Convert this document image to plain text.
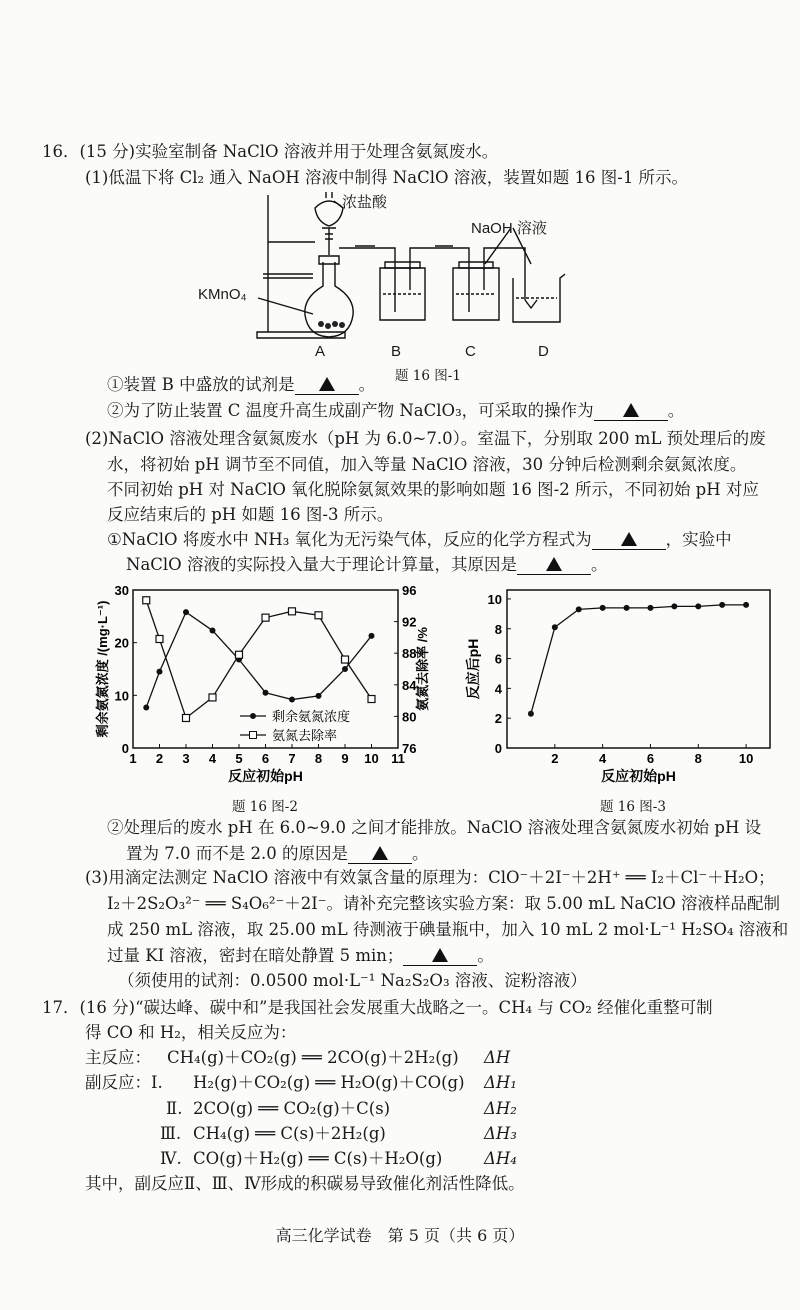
16．(15 分)实验室制备 NaClO 溶液并用于处理含氨氮废水。
(1)低温下将 Cl₂ 通入 NaOH 溶液中制得 NaClO 溶液，装置如题 16 图-1 所示。
浓盐酸
NaOH 溶液
KMnO₄
A	B	C	D
题 16 图-1
①装置 B 中盛放的试剂是	。
②为了防止装置 C 温度升高生成副产物 NaClO₃，可采取的操作为	。
(2)NaClO 溶液处理含氨氮废水（pH 为 6.0~7.0）。室温下，分别取 200 mL 预处理后的废
水，将初始 pH 调节至不同值，加入等量 NaClO 溶液，30 分钟后检测剩余氨氮浓度。
不同初始 pH 对 NaClO 氧化脱除氨氮效果的影响如题 16 图-2 所示，不同初始 pH 对应
反应结束后的 pH 如题 16 图-3 所示。
①NaClO 将废水中 NH₃ 氧化为无污染气体，反应的化学方程式为	，实验中
NaClO 溶液的实际投入量大于理论计算量，其原因是	。
1 2 3 4 5 6 7 8 9 10 11
0
10
20
30
76
80
84
88
92
96
剩余氨氮浓度
氨氮去除率
反应初始pH
剩余氨氮浓度 /(mg·L⁻¹)	氨氮去除率 /%
题 16 图-2
2	4	6	8	10
0
2
4
6
8
10
反应初始pH
反应后pH
题 16 图-3
②处理后的废水 pH 在 6.0~9.0 之间才能排放。NaClO 溶液处理含氨氮废水初始 pH 设
置为 7.0 而不是 2.0 的原因是	。
(3)用滴定法测定 NaClO 溶液中有效氯含量的原理为：ClO⁻＋2I⁻＋2H⁺ ══ I₂＋Cl⁻＋H₂O；
I₂＋2S₂O₃²⁻ ══ S₄O₆²⁻＋2I⁻。请补充完整该实验方案：取 5.00 mL NaClO 溶液样品配制
成 250 mL 溶液，取 25.00 mL 待测液于碘量瓶中，加入 10 mL 2 mol·L⁻¹ H₂SO₄ 溶液和
过量 KI 溶液，密封在暗处静置 5 min；	。
（须使用的试剂：0.0500 mol·L⁻¹ Na₂S₂O₃ 溶液、淀粉溶液）
17．(16 分)“碳达峰、碳中和”是我国社会发展重大战略之一。CH₄ 与 CO₂ 经催化重整可制
得 CO 和 H₂，相关反应为：
主反应： CH₄(g)＋CO₂(g) ══ 2CO(g)＋2H₂(g) ΔH
副反应：Ⅰ. H₂(g)＋CO₂(g) ══ H₂O(g)＋CO(g) ΔH₁
Ⅱ. 2CO(g) ══ CO₂(g)＋C(s)	ΔH₂
Ⅲ. CH₄(g) ══ C(s)＋2H₂(g)	ΔH₃
Ⅳ. CO(g)＋H₂(g) ══ C(s)＋H₂O(g)	ΔH₄
其中，副反应Ⅱ、Ⅲ、Ⅳ形成的积碳易导致催化剂活性降低。
高三化学试卷　第 5 页（共 6 页）
